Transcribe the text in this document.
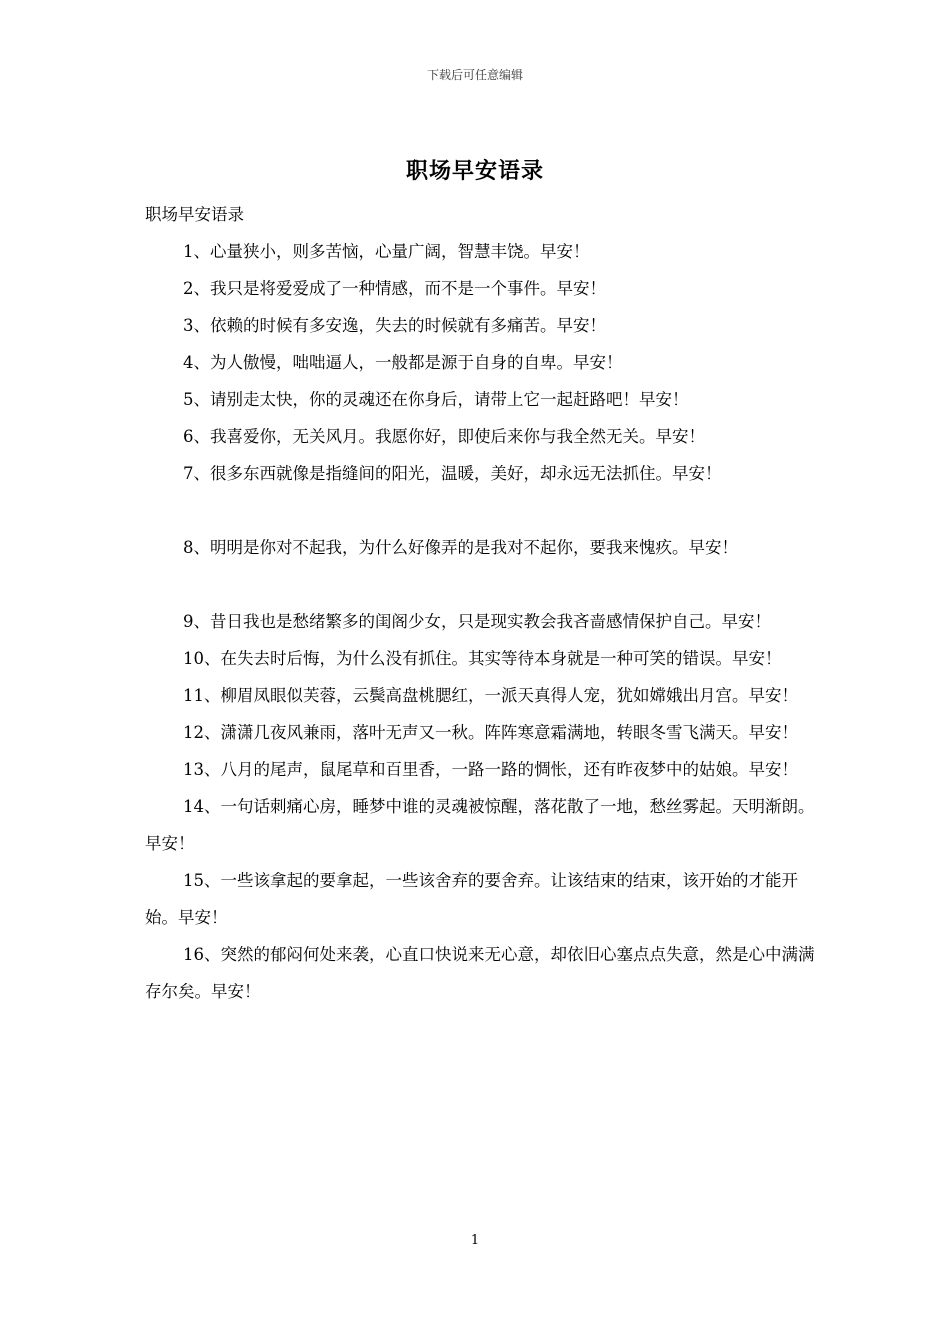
下载后可任意编辑
职场早安语录

职场早安语录

1、心量狭小，则多苦恼，心量广阔，智慧丰饶。早安！

2、我只是将爱爱成了一种情感，而不是一个事件。早安！

3、依赖的时候有多安逸，失去的时候就有多痛苦。早安！

4、为人傲慢，咄咄逼人，一般都是源于自身的自卑。早安！

5、请别走太快，你的灵魂还在你身后，请带上它一起赶路吧！早安！

6、我喜爱你，无关风月。我愿你好，即使后来你与我全然无关。早安！

7、很多东西就像是指缝间的阳光，温暖，美好，却永远无法抓住。早安！

8、明明是你对不起我，为什么好像弄的是我对不起你，要我来愧疚。早安！

9、昔日我也是愁绪繁多的闺阁少女，只是现实教会我吝啬感情保护自己。早安！

10、在失去时后悔，为什么没有抓住。其实等待本身就是一种可笑的错误。早安！

11、柳眉凤眼似芙蓉，云鬓高盘桃腮红，一派天真得人宠，犹如嫦娥出月宫。早安！

12、潇潇几夜风兼雨，落叶无声又一秋。阵阵寒意霜满地，转眼冬雪飞满天。早安！

13、八月的尾声，鼠尾草和百里香，一路一路的惆怅，还有昨夜梦中的姑娘。早安！

14、一句话刺痛心房，睡梦中谁的灵魂被惊醒，落花散了一地，愁丝雾起。天明渐朗。早安！

15、一些该拿起的要拿起，一些该舍弃的要舍弃。让该结束的结束，该开始的才能开始。早安！

16、突然的郁闷何处来袭，心直口快说来无心意，却依旧心塞点点失意，然是心中满满存尔矣。早安！

1
